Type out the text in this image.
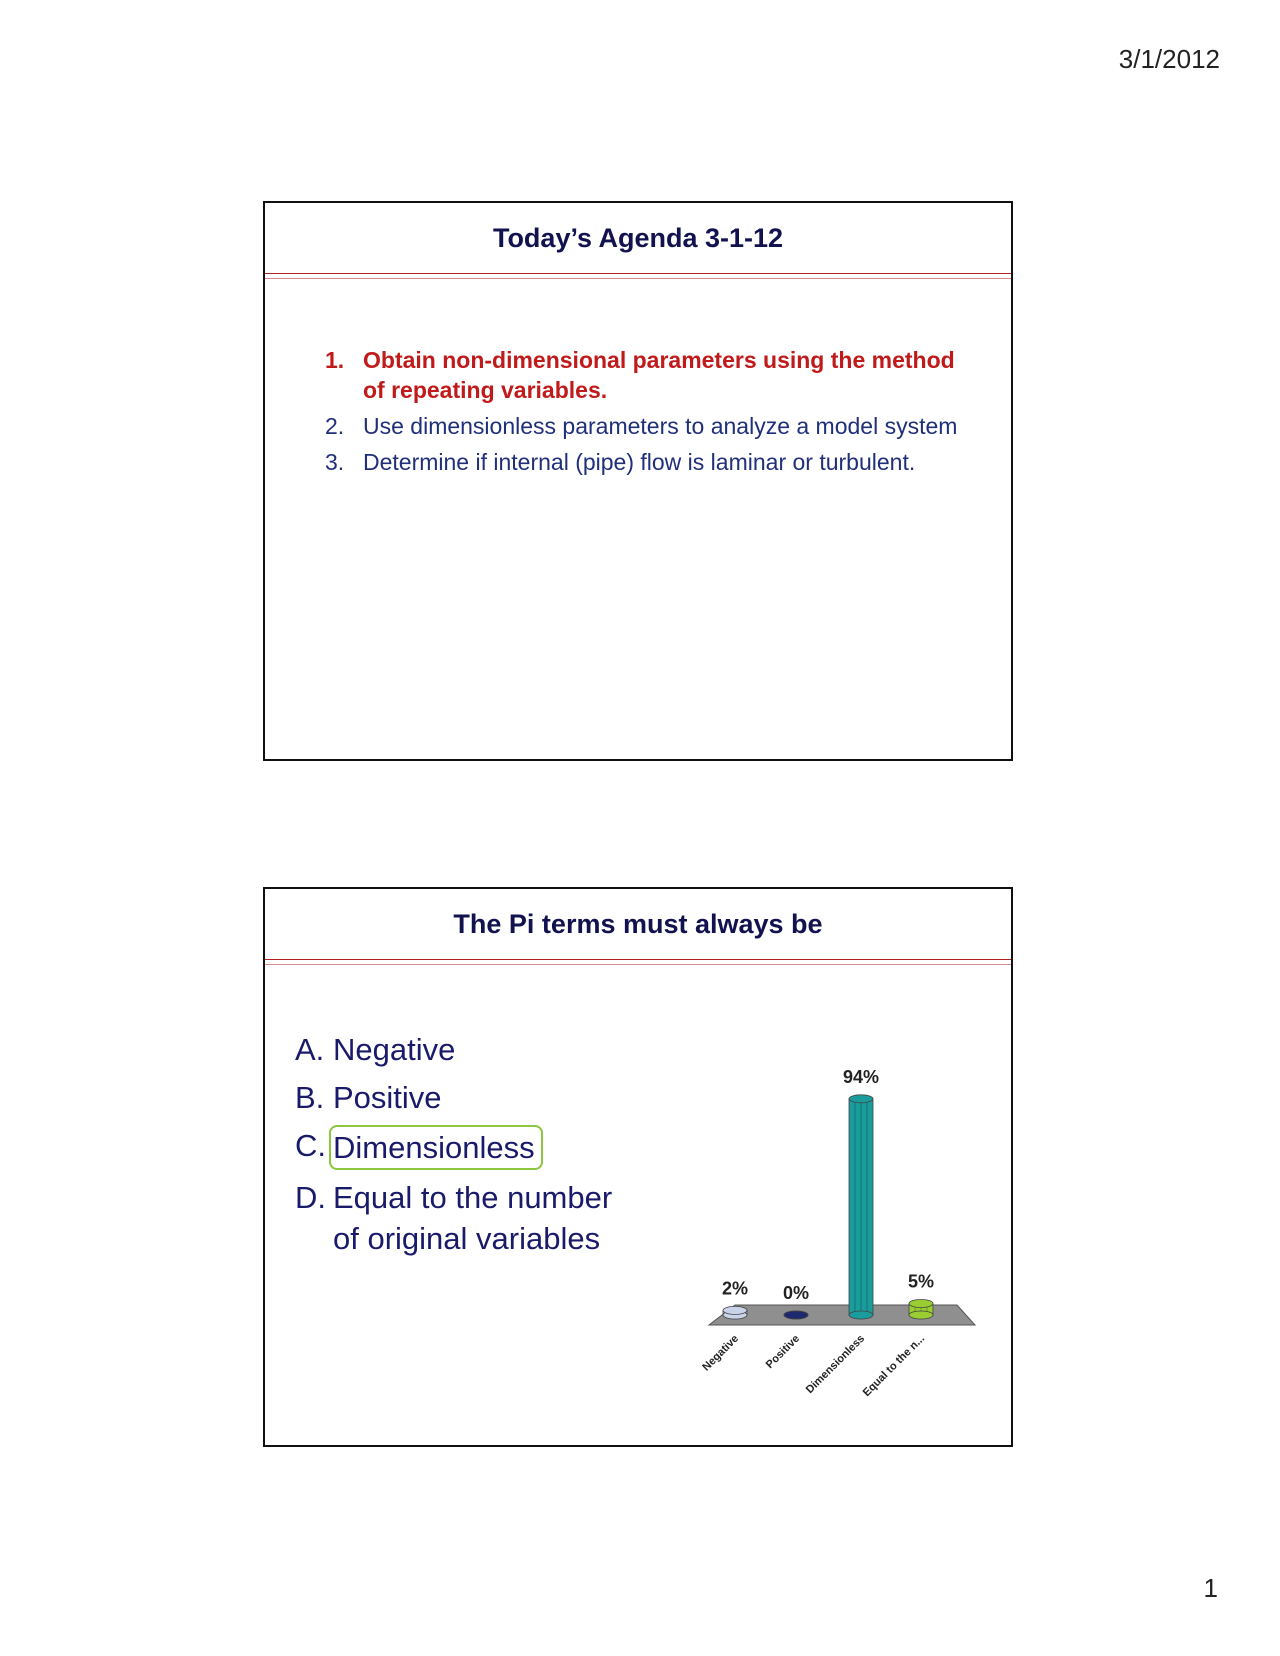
3/1/2012
Today’s Agenda 3-1-12
1. Obtain non-dimensional parameters using the method of repeating variables.
2. Use dimensionless parameters to analyze a model system
3. Determine if internal (pipe) flow is laminar or turbulent.
The Pi terms must always be
A. Negative
B. Positive
C. Dimensionless
D. Equal to the number of original variables
2%
Negative
0%
Positive
94%
Dimensionless
5%
Equal to the n...
1
